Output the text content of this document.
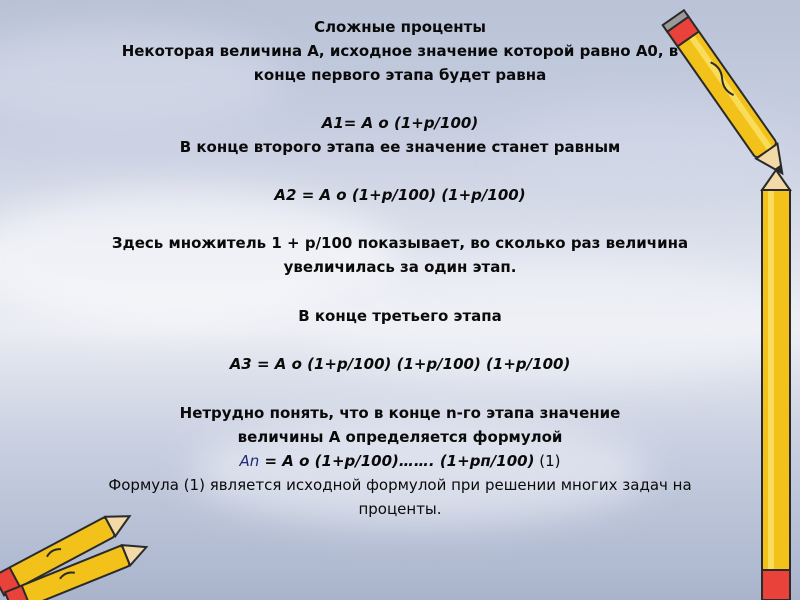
Сложные проценты
Некоторая величина А, исходное значение которой равно А0, в
конце первого этапа будет равна
А1= А о (1+р/100)
В конце второго этапа ее значение станет равным
А2 = А о (1+р/100) (1+р/100)
Здесь множитель 1 + р/100 показывает, во сколько раз величина
увеличилась за один этап.
В конце третьего этапа
А3 = А о (1+р/100) (1+р/100) (1+р/100)
Нетрудно понять, что в конце n-го этапа значение
величины А определяется формулой
Аn = А о (1+р/100)……. (1+рп/100) (1)
Формула (1) является исходной формулой при решении многих задач на
проценты.
